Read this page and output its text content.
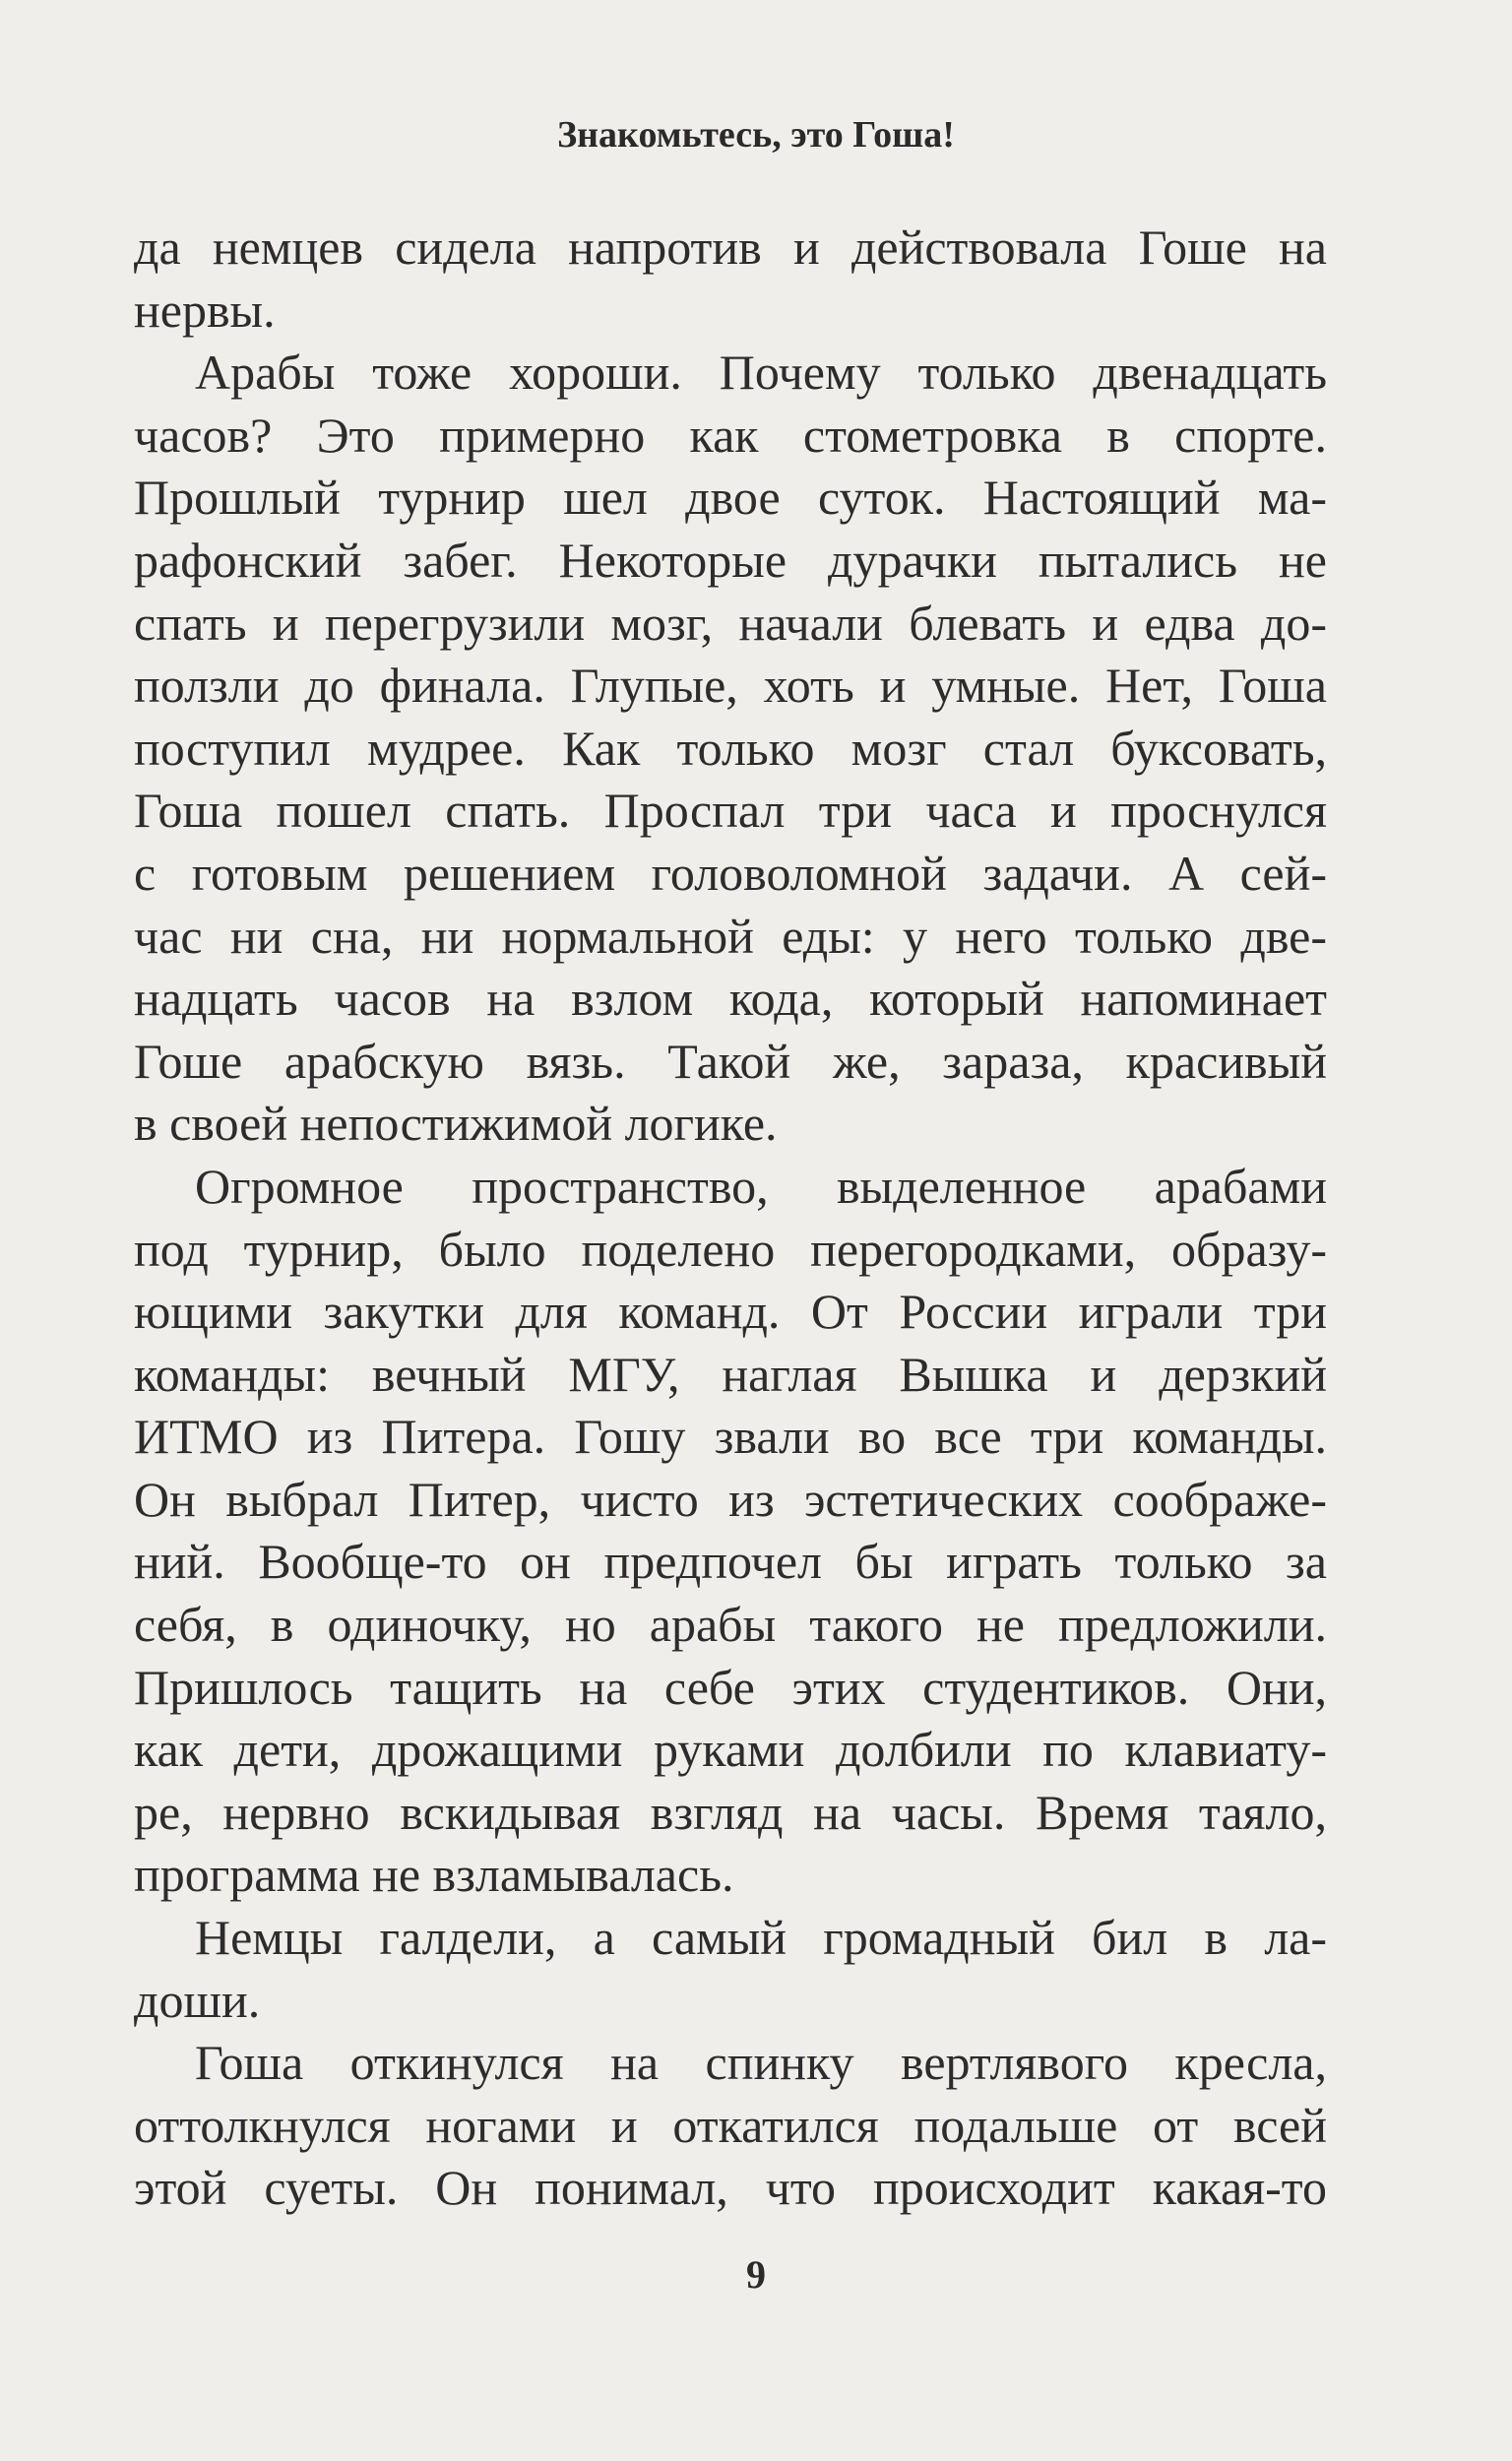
Знакомьтесь, это Гоша!

да немцев сидела напротив и действовала Гоше на
нервы.

Арабы тоже хороши. Почему только двенадцать
часов? Это примерно как стометровка в спорте.
Прошлый турнир шел двое суток. Настоящий ма-
рафонский забег. Некоторые дурачки пытались не
спать и перегрузили мозг, начали блевать и едва до-
ползли до финала. Глупые, хоть и умные. Нет, Гоша
поступил мудрее. Как только мозг стал буксовать,
Гоша пошел спать. Проспал три часа и проснулся
с готовым решением головоломной задачи. А сей-
час ни сна, ни нормальной еды: у него только две-
надцать часов на взлом кода, который напоминает
Гоше арабскую вязь. Такой же, зараза, красивый
в своей непостижимой логике.

Огромное пространство, выделенное арабами
под турнир, было поделено перегородками, образу-
ющими закутки для команд. От России играли три
команды: вечный МГУ, наглая Вышка и дерзкий
ИТМО из Питера. Гошу звали во все три команды.
Он выбрал Питер, чисто из эстетических соображе-
ний. Вообще-то он предпочел бы играть только за
себя, в одиночку, но арабы такого не предложили.
Пришлось тащить на себе этих студентиков. Они,
как дети, дрожащими руками долбили по клавиату-
ре, нервно вскидывая взгляд на часы. Время таяло,
программа не взламывалась.

Немцы галдели, а самый громадный бил в ла-
доши.

Гоша откинулся на спинку вертлявого кресла,
оттолкнулся ногами и откатился подальше от всей
этой суеты. Он понимал, что происходит какая-то

9
